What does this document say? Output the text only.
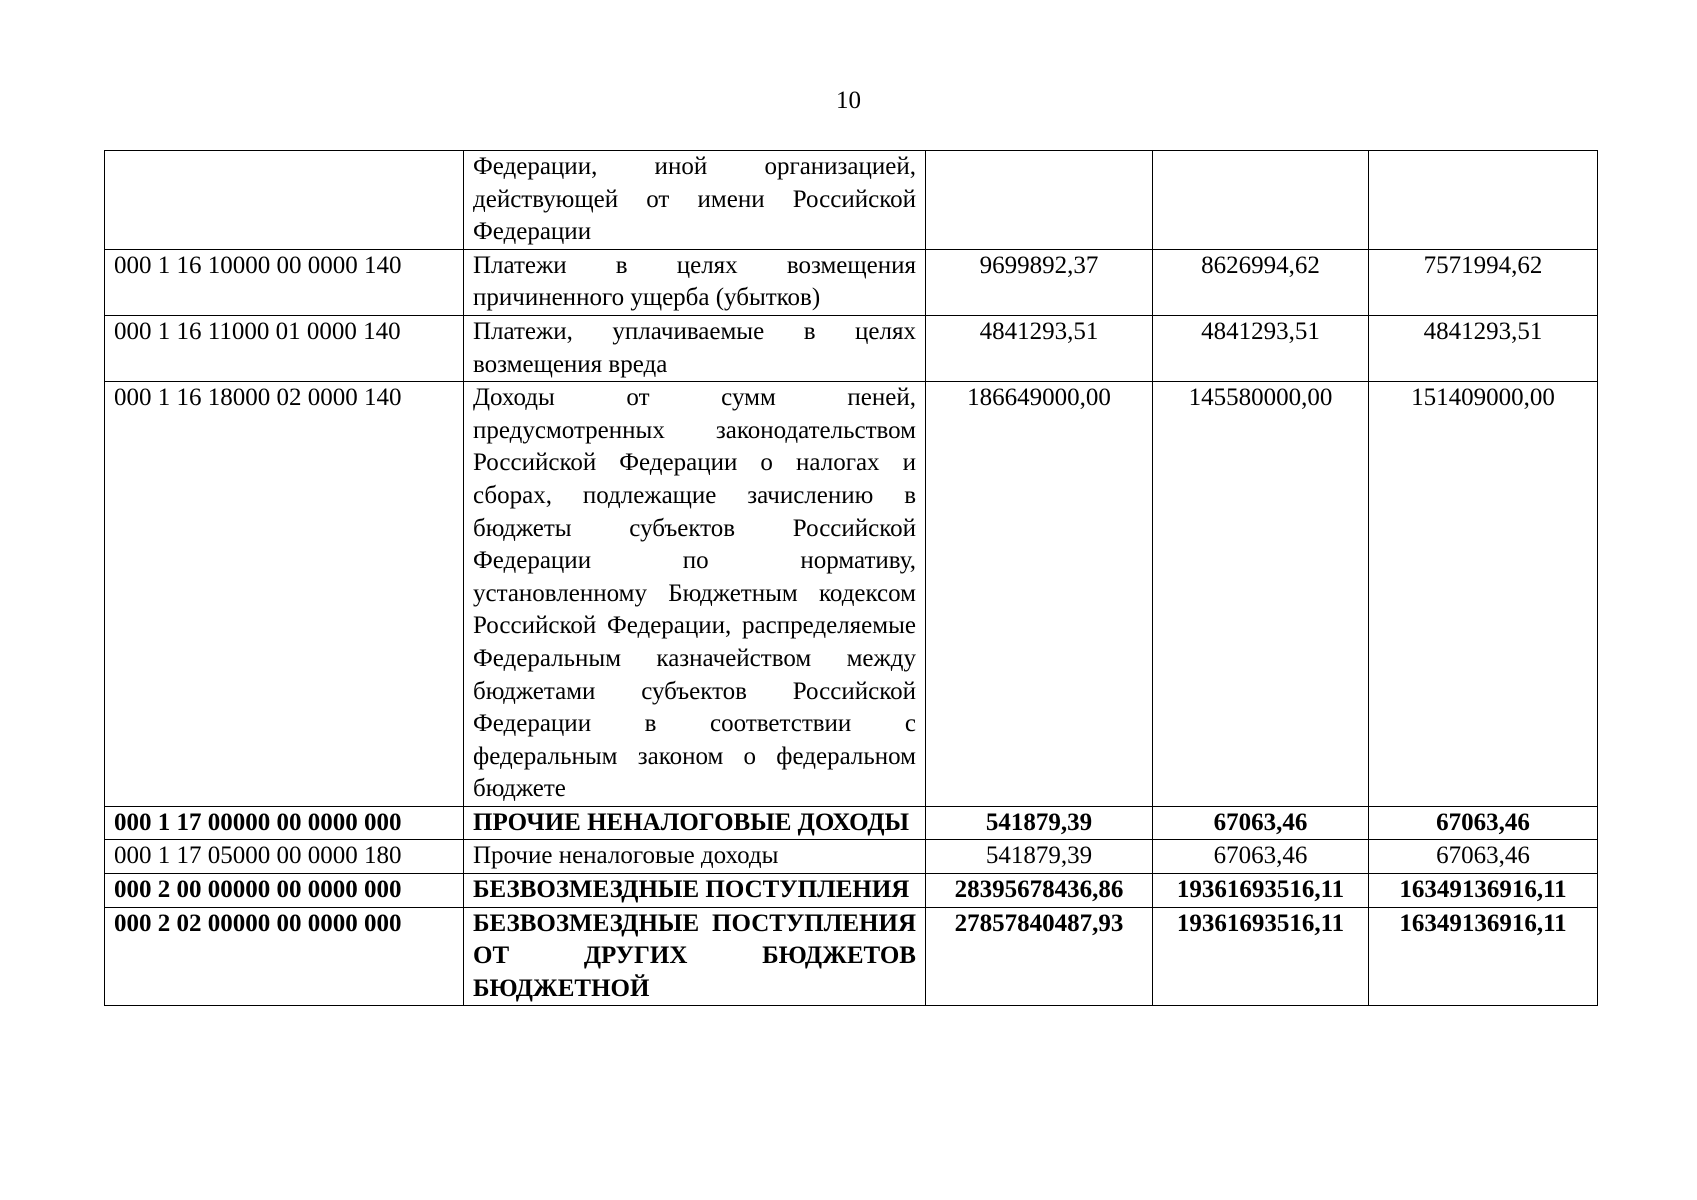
10
	Федерации, иной организацией, действующей от имени Российской Федерации			
000 1 16 10000 00 0000 140	Платежи в целях возмещения причиненного ущерба (убытков)	9699892,37	8626994,62	7571994,62
000 1 16 11000 01 0000 140	Платежи, уплачиваемые в целях возмещения вреда	4841293,51	4841293,51	4841293,51
000 1 16 18000 02 0000 140	Доходы от сумм пеней, предусмотренных законодательством Российской Федерации о налогах и сборах, подлежащие зачислению в бюджеты субъектов Российской Федерации по нормативу, установленному Бюджетным кодексом Российской Федерации, распределяемые Федеральным казначейством между бюджетами субъектов Российской Федерации в соответствии с федеральным законом о федеральном бюджете	186649000,00	145580000,00	151409000,00
000 1 17 00000 00 0000 000	ПРОЧИЕ НЕНАЛОГОВЫЕ ДОХОДЫ	541879,39	67063,46	67063,46
000 1 17 05000 00 0000 180	Прочие неналоговые доходы	541879,39	67063,46	67063,46
000 2 00 00000 00 0000 000	БЕЗВОЗМЕЗДНЫЕ ПОСТУПЛЕНИЯ	28395678436,86	19361693516,11	16349136916,11
000 2 02 00000 00 0000 000	БЕЗВОЗМЕЗДНЫЕ ПОСТУПЛЕНИЯ ОТ ДРУГИХ БЮДЖЕТОВ БЮДЖЕТНОЙ	27857840487,93	19361693516,11	16349136916,11
